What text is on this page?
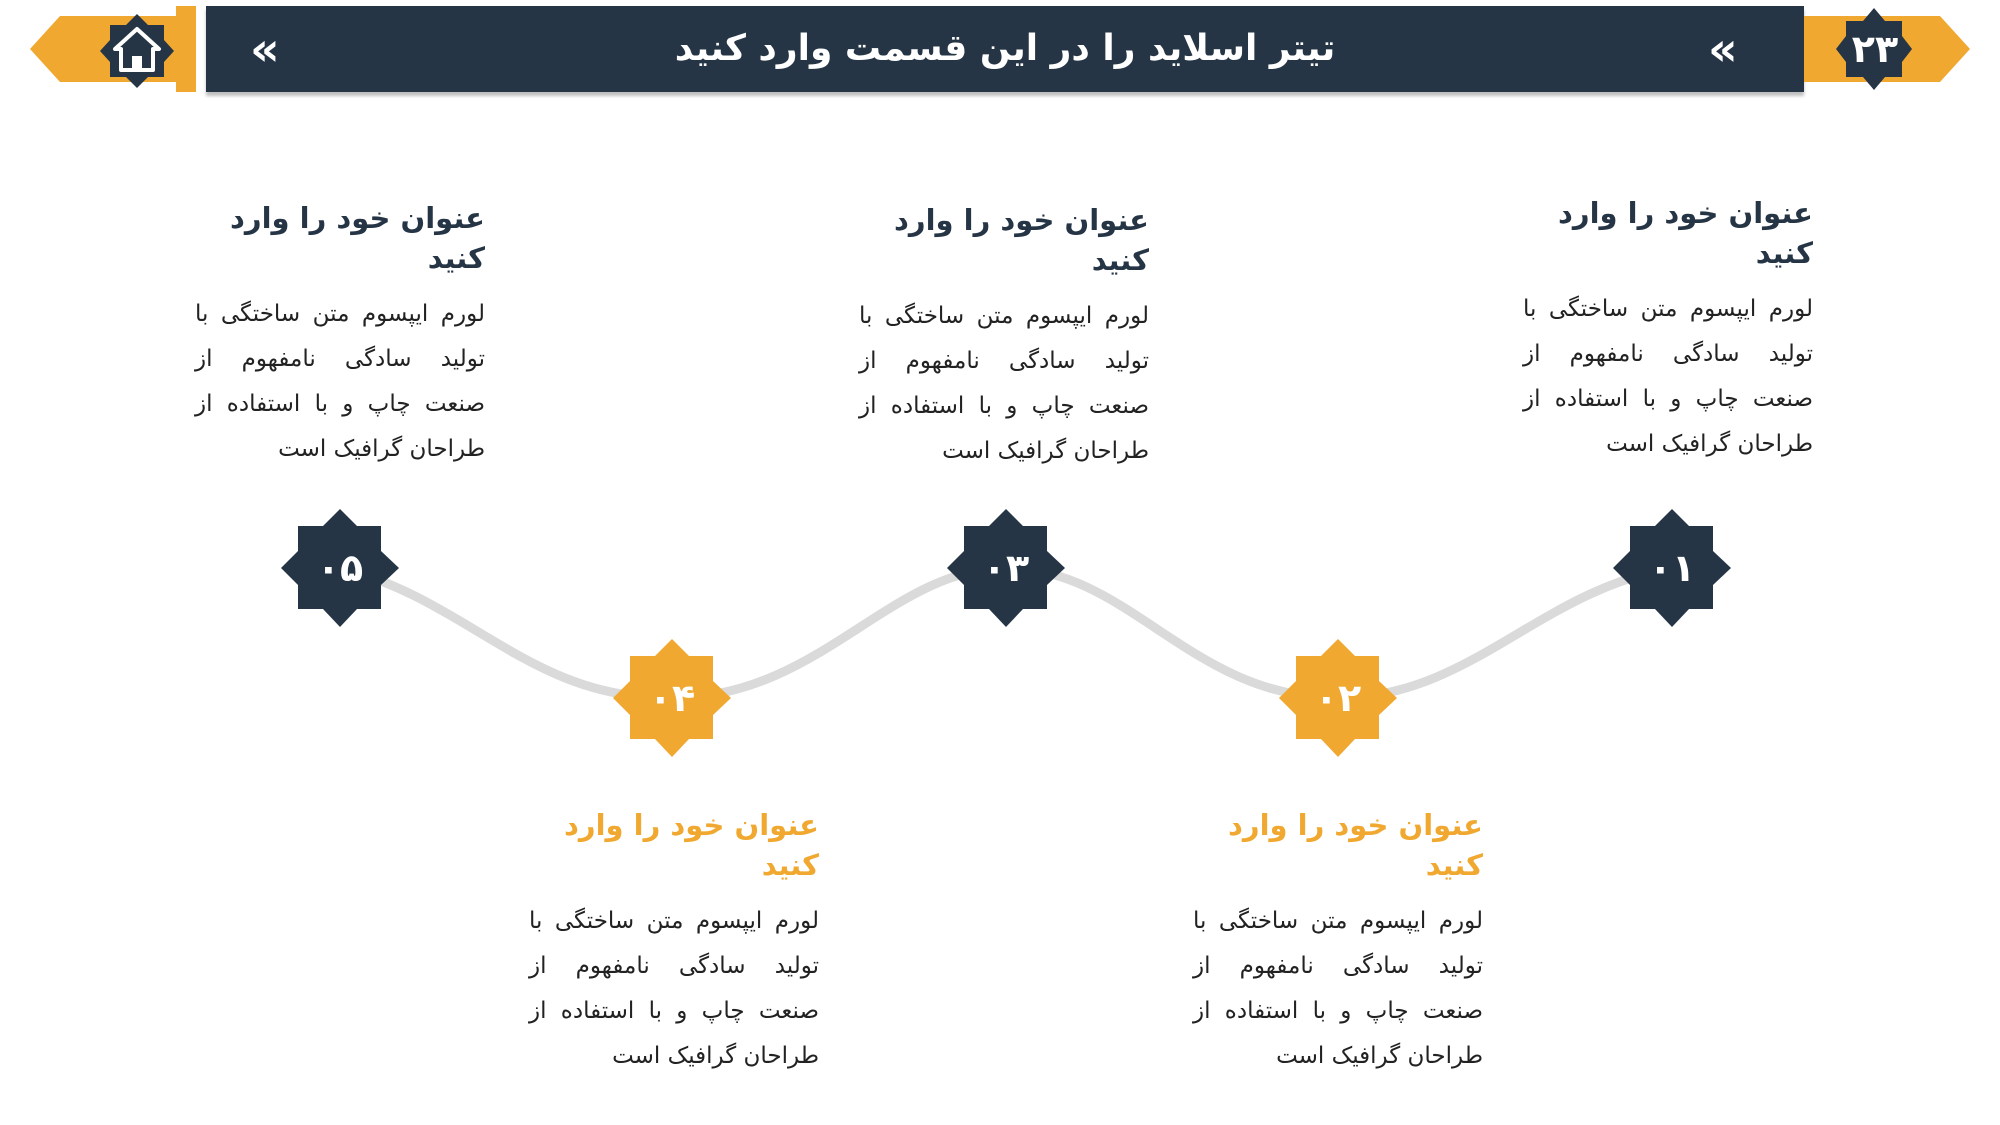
«	«
تیتر اسلاید را در این قسمت وارد کنید	۲۳
۰۱
۰۲
۰۳
۰۴
۰۵
عنوان خود را وارد کنید

لورم ایپسوم متن ساختگی با تولید سادگی نامفهوم از صنعت چاپ و با استفاده از طراحان گرافیک است

عنوان خود را وارد کنید

لورم ایپسوم متن ساختگی با تولید سادگی نامفهوم از صنعت چاپ و با استفاده از طراحان گرافیک است

عنوان خود را وارد کنید

لورم ایپسوم متن ساختگی با تولید سادگی نامفهوم از صنعت چاپ و با استفاده از طراحان گرافیک است

عنوان خود را وارد کنید

لورم ایپسوم متن ساختگی با تولید سادگی نامفهوم از صنعت چاپ و با استفاده از طراحان گرافیک است

عنوان خود را وارد کنید

لورم ایپسوم متن ساختگی با تولید سادگی نامفهوم از صنعت چاپ و با استفاده از طراحان گرافیک است
